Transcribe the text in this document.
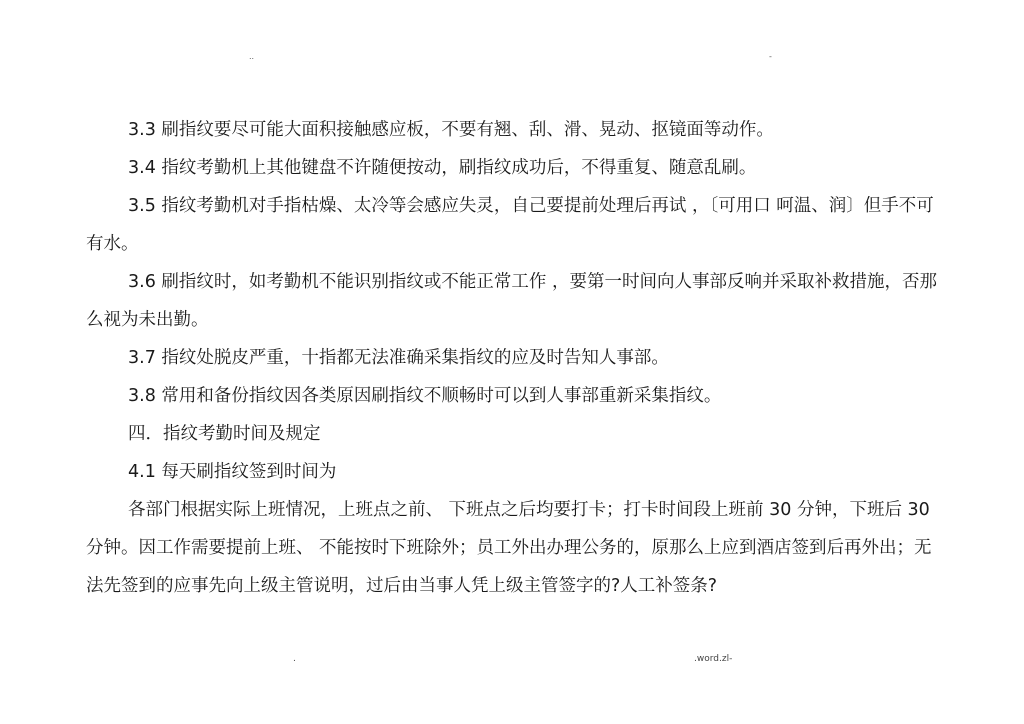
..	-

3.3 刷指纹要尽可能大面积接触感应板，不要有翘、刮、滑、晃动、抠镜面等动作。

3.4 指纹考勤机上其他键盘不许随便按动，刷指纹成功后，不得重复、随意乱刷。

3.5 指纹考勤机对手指枯燥、太冷等会感应失灵，自己要提前处理后再试 ，〔可用口 呵温、润〕但手不可有水。

3.6 刷指纹时，如考勤机不能识别指纹或不能正常工作 ，要第一时间向人事部反响并采取补救措施，否那么视为未出勤。

3.7 指纹处脱皮严重，十指都无法准确采集指纹的应及时告知人事部。

3.8 常用和备份指纹因各类原因刷指纹不顺畅时可以到人事部重新采集指纹。

四．指纹考勤时间及规定

4.1 每天刷指纹签到时间为

各部门根据实际上班情况，上班点之前、 下班点之后均要打卡；打卡时间段上班前 30 分钟，下班后 30 分钟。因工作需要提前上班、 不能按时下班除外；员工外出办理公务的，原那么上应到酒店签到后再外出；无法先签到的应事先向上级主管说明，过后由当事人凭上级主管签字的?人工补签条?

.	.word.zl-
